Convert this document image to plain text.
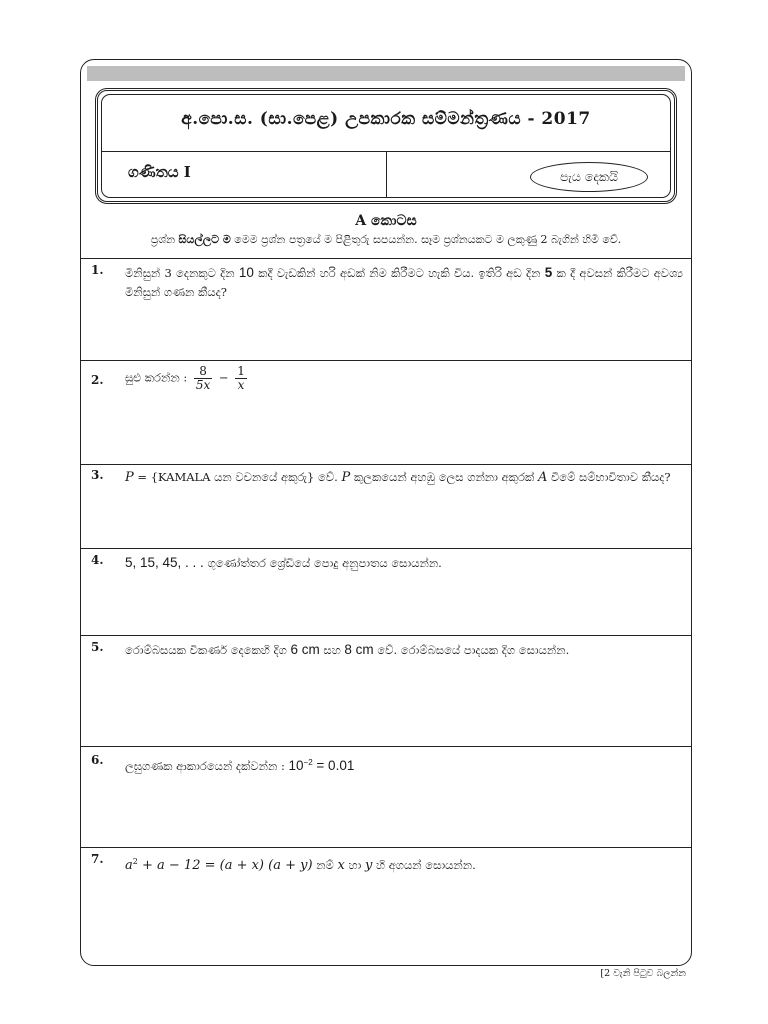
අ.පො.ස. (සා.පෙළ) උපකාරක සම්මන්ත්‍රණය - 2017
ගණිතය I	පැය දෙකයි
A කොටස
ප්‍රශ්න සියල්ලට ම මෙම ප්‍රශ්න පත්‍රයේ ම පිළිතුරු සපයන්න. සෑම ප්‍රශ්නයකට ම ලකුණු 2 බැගින් හිමි වේ.
1. මිනිසුන් 3 දෙනකුට දින 10 කදී වැඩකින් හරි අඩක් නිම කිරීමට හැකි විය. ඉතිරි අඩ දින 5 ක දී අවසන් කිරීමට අවශ්‍ය මිනිසුන් ගණන කීයද?
2. සුළු කරන්න : $\frac{8}{5x} - \frac{1}{x}$
3. P = {KAMALA යන වචනයේ අකුරු} වේ. P කුලකයෙන් අහඹු ලෙස ගන්නා අකුරක් A වීමේ සම්භාවිතාව කීයද?
4. 5, 15, 45, . . . ගුණෝත්තර ශ්‍රේඩියේ පොදු අනුපාතය සොයන්න.
5. රොම්බසයක විකර්ණ දෙකෙහි දිග 6 cm සහ 8 cm වේ. රොම්බසයේ පාදයක දිග සොයන්න.
6. ලඝුගණක ආකාරයෙන් දක්වන්න : $10^{-2} = 0.01$
7. $a^2 + a - 12 = (a + x) (a + y)$ නම් x හා y හි අගයන් සොයන්න.
[2 වැනි පිටුව බලන්න
